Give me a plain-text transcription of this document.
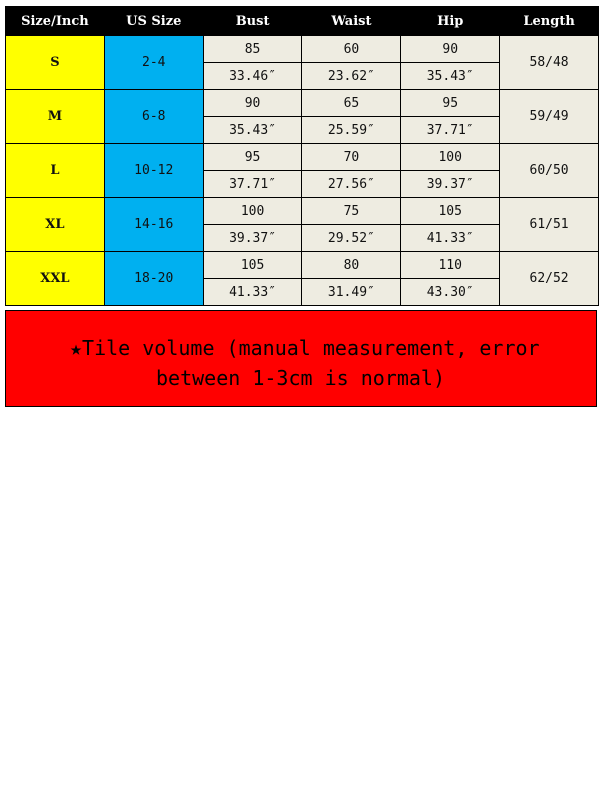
Size/Inch	US Size	Bust	Waist	Hip	Length
S	2-4	85	60	90	58/48
		33.46″	23.62″	35.43″	
M	6-8	90	65	95	59/49
		35.43″	25.59″	37.71″	
L	10-12	95	70	100	60/50
		37.71″	27.56″	39.37″	
XL	14-16	100	75	105	61/51
		39.37″	29.52″	41.33″	
XXL	18-20	105	80	110	62/52
		41.33″	31.49″	43.30″	
★Tile volume (manual measurement, error
between 1-3cm is normal)
